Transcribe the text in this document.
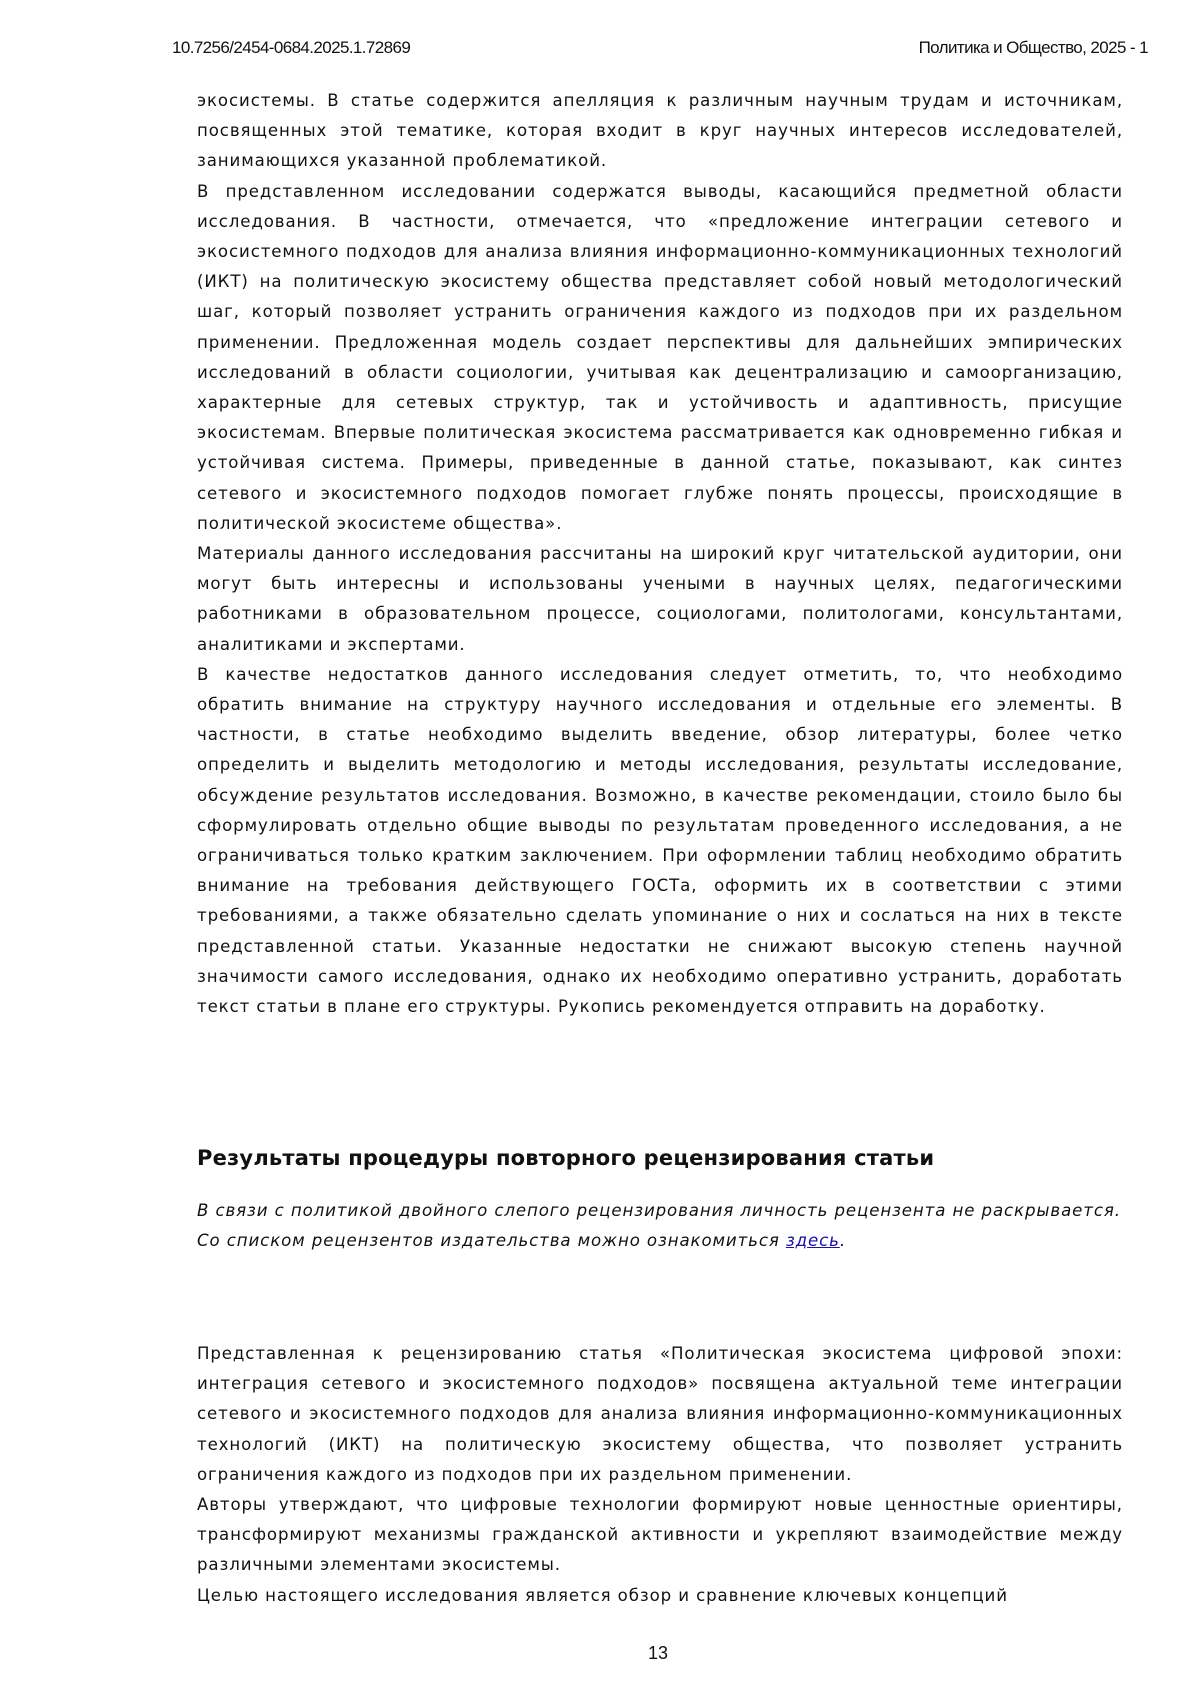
10.7256/2454-0684.2025.1.72869	Политика и Общество, 2025 - 1

экосистемы. В статье содержится апелляция к различным научным трудам и источникам, посвященных этой тематике, которая входит в круг научных интересов исследователей, занимающихся указанной проблематикой.

В представленном исследовании содержатся выводы, касающийся предметной области исследования. В частности, отмечается, что «предложение интеграции сетевого и экосистемного подходов для анализа влияния информационно-коммуникационных технологий (ИКТ) на политическую экосистему общества представляет собой новый методологический шаг, который позволяет устранить ограничения каждого из подходов при их раздельном применении. Предложенная модель создает перспективы для дальнейших эмпирических исследований в области социологии, учитывая как децентрализацию и самоорганизацию, характерные для сетевых структур, так и устойчивость и адаптивность, присущие экосистемам. Впервые политическая экосистема рассматривается как одновременно гибкая и устойчивая система. Примеры, приведенные в данной статье, показывают, как синтез сетевого и экосистемного подходов помогает глубже понять процессы, происходящие в политической экосистеме общества».

Материалы данного исследования рассчитаны на широкий круг читательской аудитории, они могут быть интересны и использованы учеными в научных целях, педагогическими работниками в образовательном процессе, социологами, политологами, консультантами, аналитиками и экспертами.

В качестве недостатков данного исследования следует отметить, то, что необходимо обратить внимание на структуру научного исследования и отдельные его элементы. В частности, в статье необходимо выделить введение, обзор литературы, более четко определить и выделить методологию и методы исследования, результаты исследование, обсуждение результатов исследования. Возможно, в качестве рекомендации, стоило было бы сформулировать отдельно общие выводы по результатам проведенного исследования, а не ограничиваться только кратким заключением. При оформлении таблиц необходимо обратить внимание на требования действующего ГОСТа, оформить их в соответствии с этими требованиями, а также обязательно сделать упоминание о них и сослаться на них в тексте представленной статьи. Указанные недостатки не снижают высокую степень научной значимости самого исследования, однако их необходимо оперативно устранить, доработать текст статьи в плане его структуры. Рукопись рекомендуется отправить на доработку.

Результаты процедуры повторного рецензирования статьи

В связи с политикой двойного слепого рецензирования личность рецензента не раскрывается.

Со списком рецензентов издательства можно ознакомиться здесь.

Представленная к рецензированию статья «Политическая экосистема цифровой эпохи: интеграция сетевого и экосистемного подходов» посвящена актуальной теме интеграции сетевого и экосистемного подходов для анализа влияния информационно-коммуникационных технологий (ИКТ) на политическую экосистему общества, что позволяет устранить ограничения каждого из подходов при их раздельном применении.

Авторы утверждают, что цифровые технологии формируют новые ценностные ориентиры, трансформируют механизмы гражданской активности и укрепляют взаимодействие между различными элементами экосистемы.

Целью настоящего исследования является обзор и сравнение ключевых концепций

13
